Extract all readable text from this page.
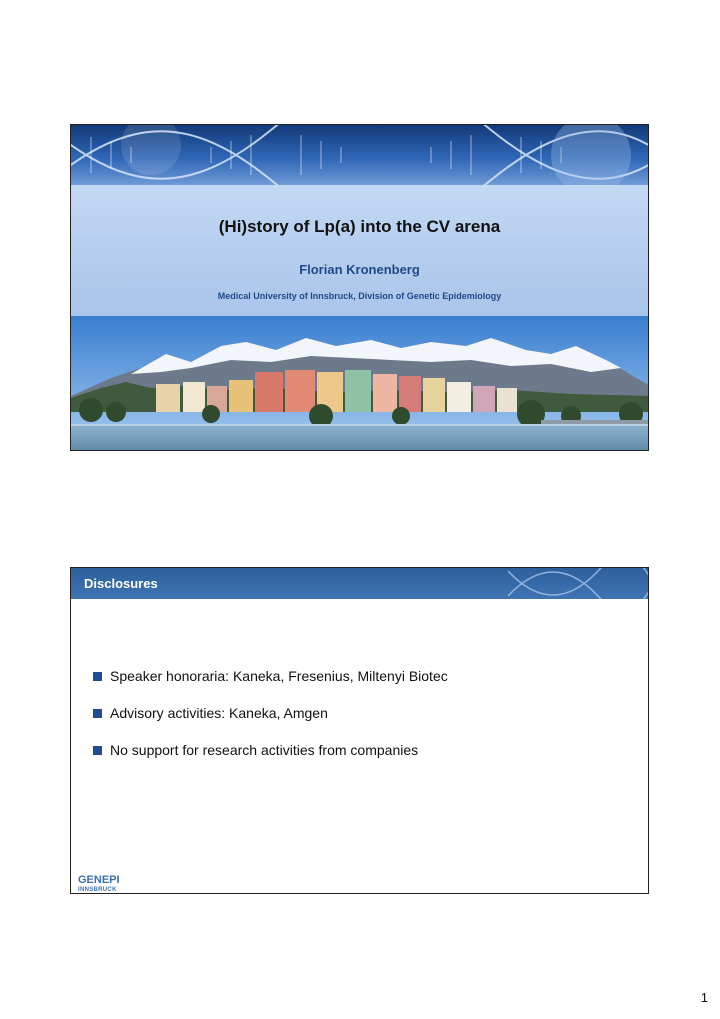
(Hi)story of Lp(a) into the CV arena
Florian Kronenberg
Medical University of Innsbruck, Division of Genetic Epidemiology
Disclosures
Speaker honoraria: Kaneka, Fresenius, Miltenyi Biotec
Advisory activities: Kaneka, Amgen
No support for research activities from companies
GENEPI
INNSBRUCK
1
